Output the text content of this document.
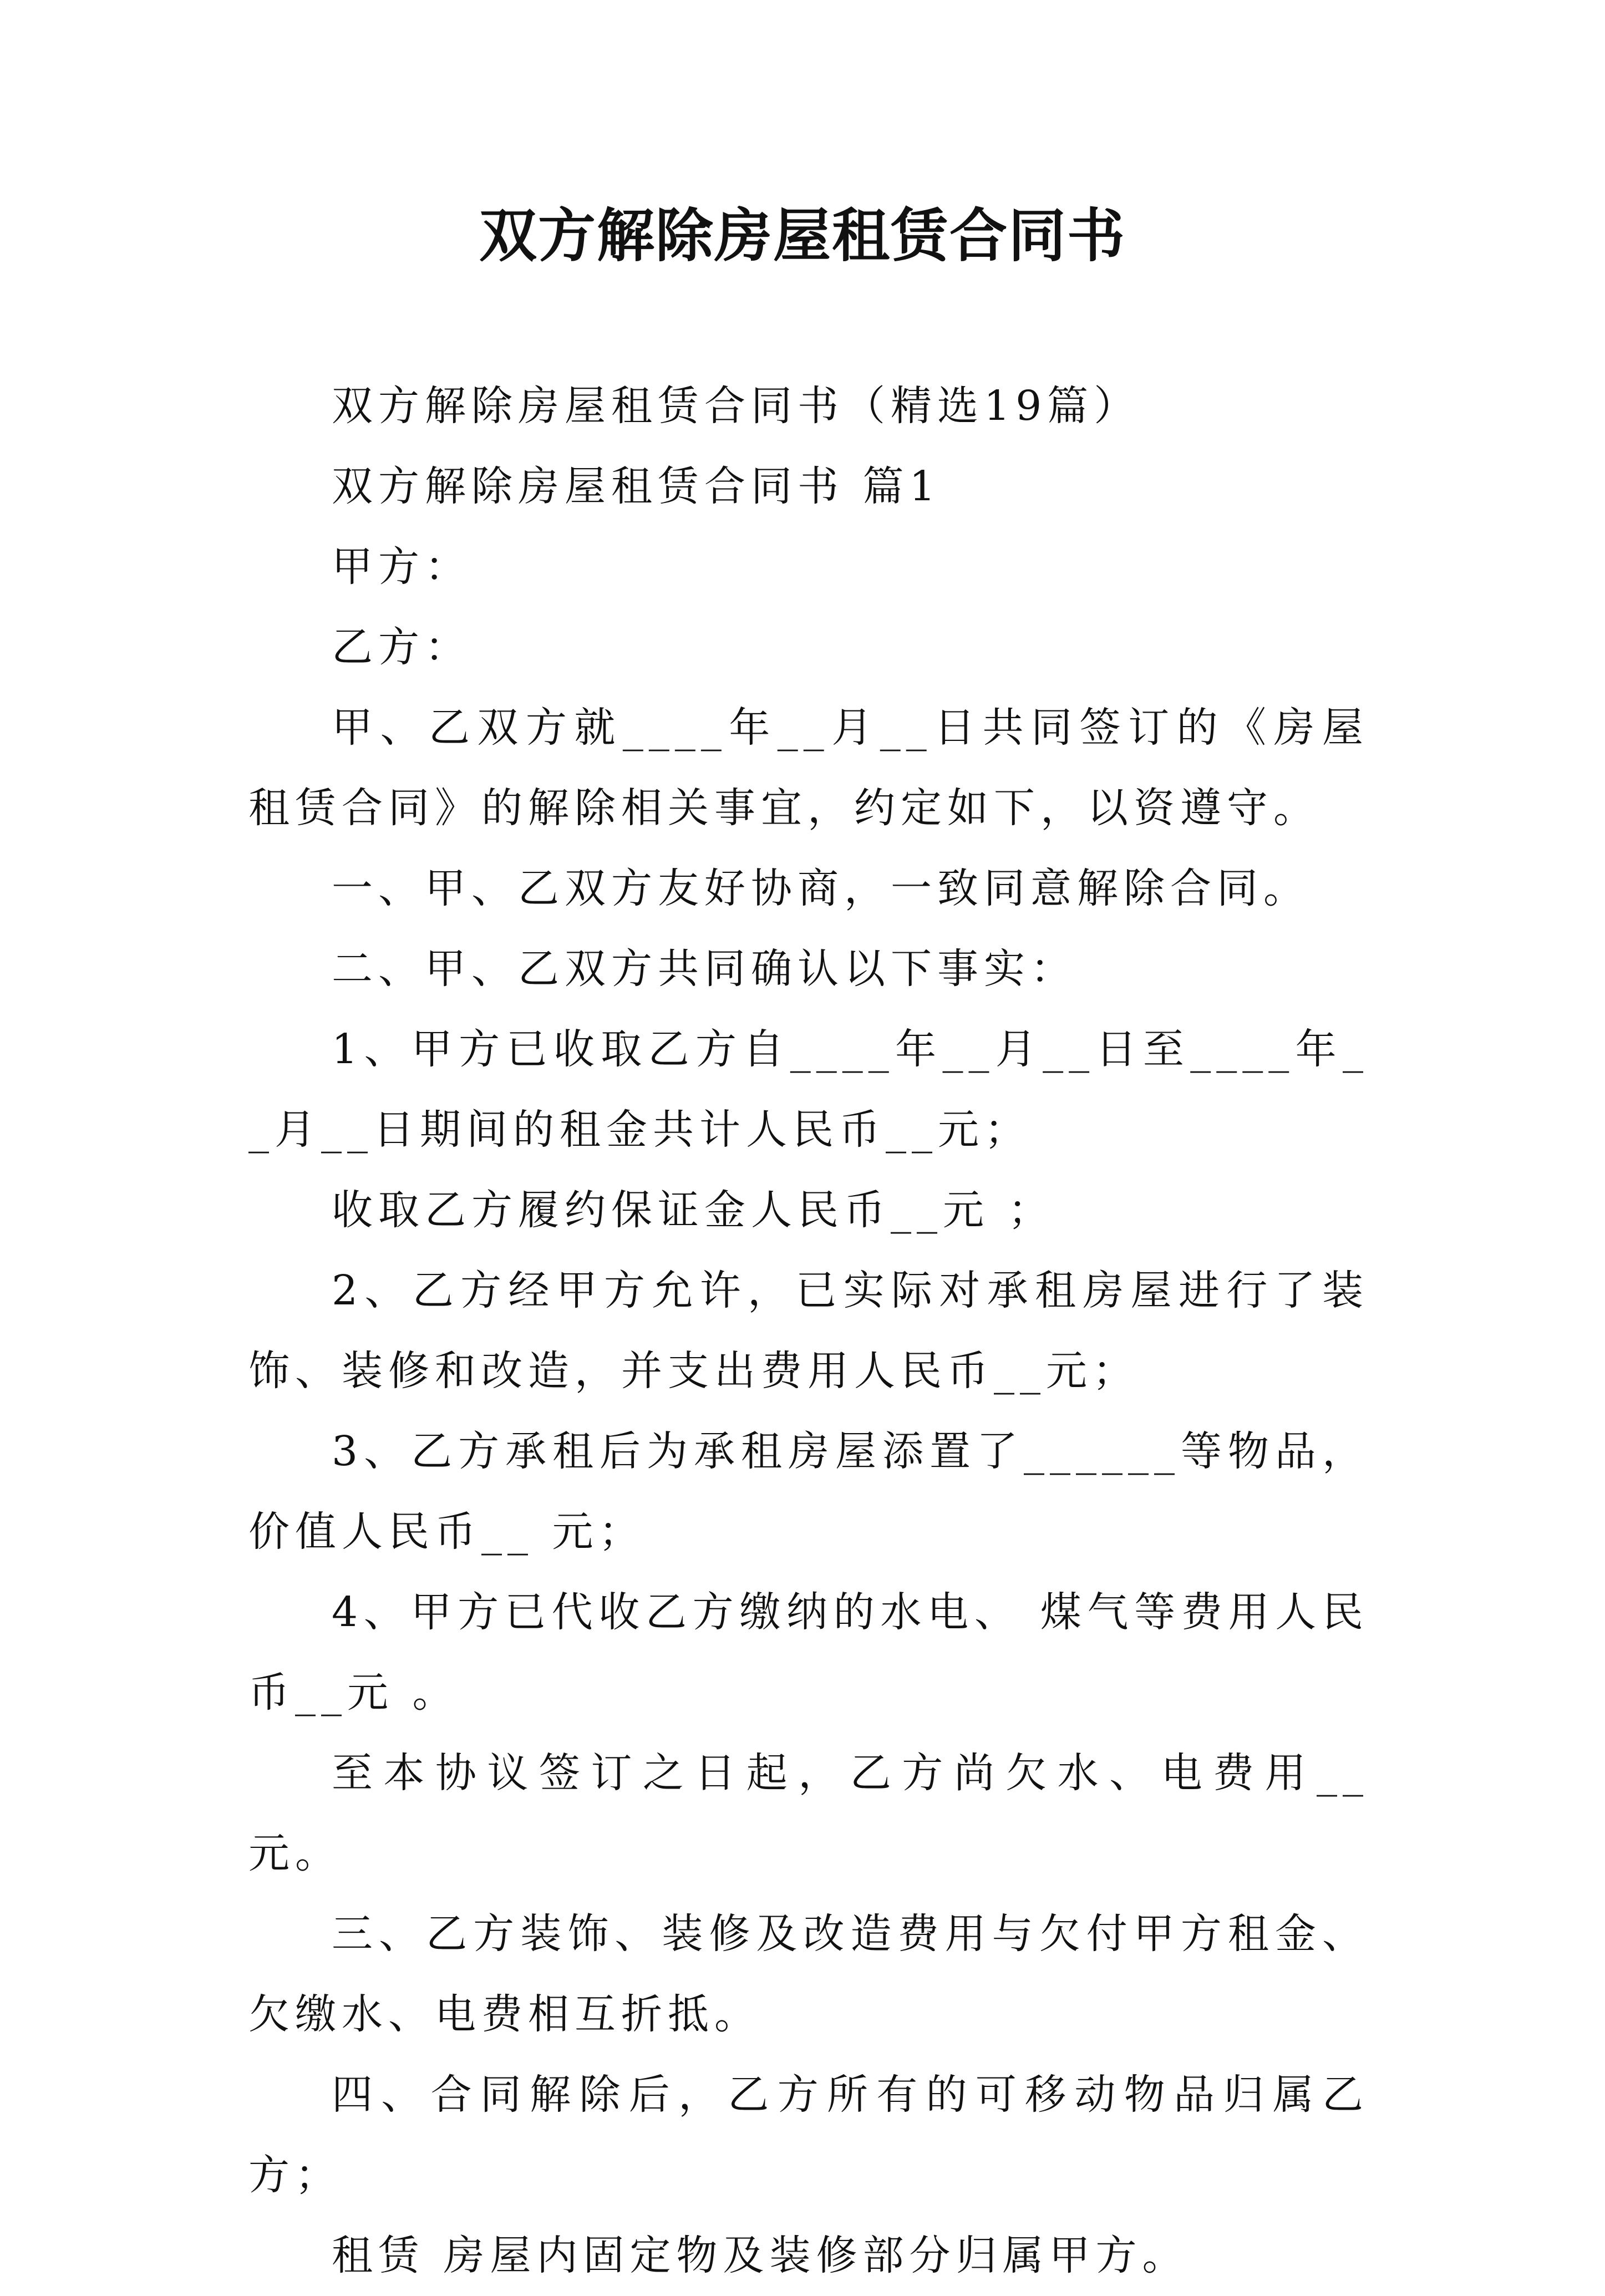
双方解除房屋租赁合同书

双方解除房屋租赁合同书（精选19篇）

双方解除房屋租赁合同书 篇1

甲方：

乙方：

甲、乙双方就____年__月__日共同签订的《房屋租赁合同》的解除相关事宜，约定如下，以资遵守。

一、甲、乙双方友好协商，一致同意解除合同。

二、甲、乙双方共同确认以下事实：

1、甲方已收取乙方自____年__月__日至____年__月__日期间的租金共计人民币__元；

收取乙方履约保证金人民币__元 ；

2、乙方经甲方允许，已实际对承租房屋进行了装饰、装修和改造，并支出费用人民币__元；

3、乙方承租后为承租房屋添置了______等物品，价值人民币__ 元；

4、甲方已代收乙方缴纳的水电、 煤气等费用人民币__元 。

至本协议签订之日起，乙方尚欠水、电费用__ 元。

三、乙方装饰、装修及改造费用与欠付甲方租金、欠缴水、电费相互折抵。

四、合同解除后，乙方所有的可移动物品归属乙方；

租赁 房屋内固定物及装修部分归属甲方。
